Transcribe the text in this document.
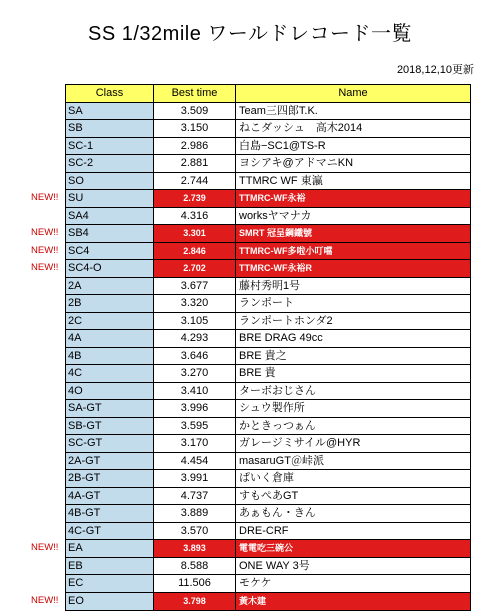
SS 1/32mile ワールドレコード一覧
2018,12,10更新
Class	Best time	Name
SA	3.509	Team三四郎T.K.
SB	3.150	ねこダッシュ　高木2014
SC-1	2.986	白島−SC1@TS-R
SC-2	2.881	ヨシアキ@アドマニKN
SO	2.744	TTMRC WF 東瀛
SU	2.739	TTMRC-WF永裕
SA4	4.316	worksヤマナカ
SB4	3.301	SMRT 冠呈鋼鐵號
SC4	2.846	TTMRC-WF多啦小叮噹
SC4-O	2.702	TTMRC-WF永裕R
2A	3.677	藤村秀明1号
2B	3.320	ランポート
2C	3.105	ランポートホンダ2
4A	4.293	BRE DRAG 49cc
4B	3.646	BRE 貴之
4C	3.270	BRE 貴
4O	3.410	ターボおじさん
SA-GT	3.996	シュウ製作所
SB-GT	3.595	かときっつぁん
SC-GT	3.170	ガレージミサイル@HYR
2A-GT	4.454	masaruGT＠峠派
2B-GT	3.991	ぱいく倉庫
4A-GT	4.737	すもぺあGT
4B-GT	3.889	あぁもん・きん
4C-GT	3.570	DRE-CRF
EA	3.893	電電吃三碗公
EB	8.588	ONE WAY 3号
EC	11.506	モケケ
EO	3.798	黃木建
NEW!!
NEW!!
NEW!!
NEW!!
NEW!!
NEW!!
